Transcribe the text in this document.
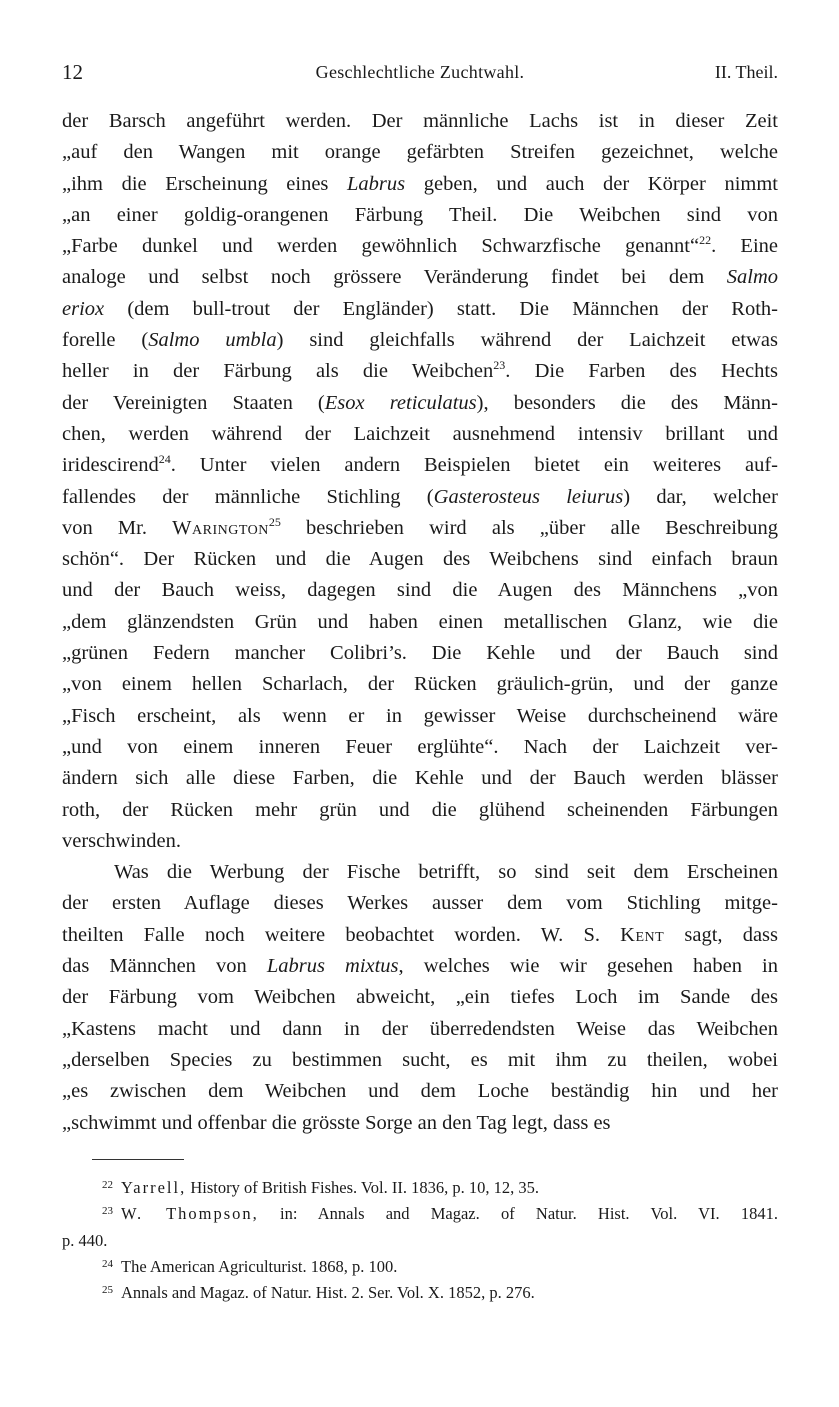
12	Geschlechtliche Zuchtwahl.	II. Theil.
der Barsch angeführt werden. Der männliche Lachs ist in dieser Zeit
„auf den Wangen mit orange gefärbten Streifen gezeichnet, welche
„ihm die Erscheinung eines Labrus geben, und auch der Körper nimmt
„an einer goldig-orangenen Färbung Theil. Die Weibchen sind von
„Farbe dunkel und werden gewöhnlich Schwarzfische genannt“$^{22}$. Eine
analoge und selbst noch grössere Veränderung findet bei dem Salmo
eriox (dem bull-trout der Engländer) statt. Die Männchen der Roth-
forelle (Salmo umbla) sind gleichfalls während der Laichzeit etwas
heller in der Färbung als die Weibchen$^{23}$. Die Farben des Hechts
der Vereinigten Staaten (Esox reticulatus), besonders die des Männ-
chen, werden während der Laichzeit ausnehmend intensiv brillant und
iridescirend$^{24}$. Unter vielen andern Beispielen bietet ein weiteres auf-
fallendes der männliche Stichling (Gasterosteus leiurus) dar, welcher
von Mr. Warington$^{25}$ beschrieben wird als „über alle Beschreibung
schön“. Der Rücken und die Augen des Weibchens sind einfach braun
und der Bauch weiss, dagegen sind die Augen des Männchens „von
„dem glänzendsten Grün und haben einen metallischen Glanz, wie die
„grünen Federn mancher Colibri’s. Die Kehle und der Bauch sind
„von einem hellen Scharlach, der Rücken gräulich-grün, und der ganze
„Fisch erscheint, als wenn er in gewisser Weise durchscheinend wäre
„und von einem inneren Feuer erglühte“. Nach der Laichzeit ver-
ändern sich alle diese Farben, die Kehle und der Bauch werden blässer
roth, der Rücken mehr grün und die glühend scheinenden Färbungen
verschwinden.
Was die Werbung der Fische betrifft, so sind seit dem Erscheinen
der ersten Auflage dieses Werkes ausser dem vom Stichling mitge-
theilten Falle noch weitere beobachtet worden. W. S. Kent sagt, dass
das Männchen von Labrus mixtus, welches wie wir gesehen haben in
der Färbung vom Weibchen abweicht, „ein tiefes Loch im Sande des
„Kastens macht und dann in der überredendsten Weise das Weibchen
„derselben Species zu bestimmen sucht, es mit ihm zu theilen, wobei
„es zwischen dem Weibchen und dem Loche beständig hin und her
„schwimmt und offenbar die grösste Sorge an den Tag legt, dass es
$^{22}$ Yarrell, History of British Fishes. Vol. II. 1836, p. 10, 12, 35.
$^{23}$ W. Thompson, in: Annals and Magaz. of Natur. Hist. Vol. VI. 1841.
p. 440.
$^{24}$ The American Agriculturist. 1868, p. 100.
$^{25}$ Annals and Magaz. of Natur. Hist. 2. Ser. Vol. X. 1852, p. 276.
